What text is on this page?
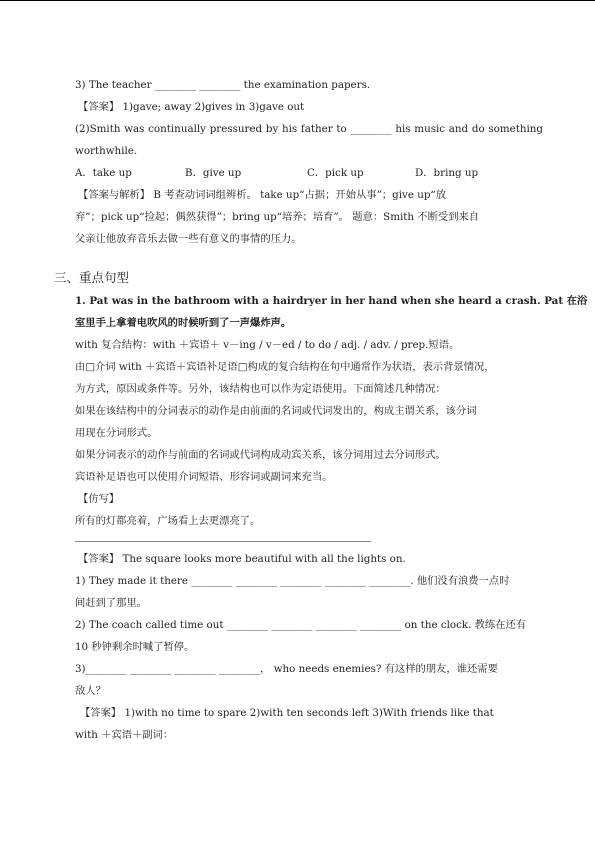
3) The teacher ________ ________ the examination papers.
【答案】 1)gave; away 2)gives in 3)gave out
(2)Smith was continually pressured by his father to ________ his music and do something
worthwhile.
A．take up	B．give up	C．pick up	D．bring up
【答案与解析】 B 考查动词词组辨析。 take up“占据；开始从事”；give up“放
弃”；pick up“捡起；偶然获得”；bring up“培养；培育”。 题意：Smith 不断受到来自
父亲让他放弃音乐去做一些有意义的事情的压力。
三、重点句型
1. Pat was in the bathroom with a hairdryer in her hand when she heard a crash. Pat 在浴
室里手上拿着电吹风的时候听到了一声爆炸声。
with 复合结构：with ＋宾语＋ v－ing / v－ed / to do / adj. / adv. / prep.短语。
由□介词 with ＋宾语＋宾语补足语□构成的复合结构在句中通常作为状语，表示背景情况，
为方式，原因或条件等。另外，该结构也可以作为定语使用。下面简述几种情况：
如果在该结构中的分词表示的动作是由前面的名词或代词发出的，构成主谓关系，该分词
用现在分词形式。
如果分词表示的动作与前面的名词或代词构成动宾关系，该分词用过去分词形式。
宾语补足语也可以使用介词短语、形容词或副词来充当。
【仿写】
所有的灯都亮着，广场看上去更漂亮了。
【答案】 The square looks more beautiful with all the lights on.
1) They made it there ________ ________ ________ ________ ________. 他们没有浪费一点时
间赶到了那里。
2) The coach called time out ________ ________ ________ ________ on the clock. 教练在还有
10 秒钟剩余时喊了暂停。
3)________ ________ ________ ________， who needs enemies? 有这样的朋友，谁还需要
敌人？
【答案】 1)with no time to spare 2)with ten seconds left 3)With friends like that
with ＋宾语＋副词：
